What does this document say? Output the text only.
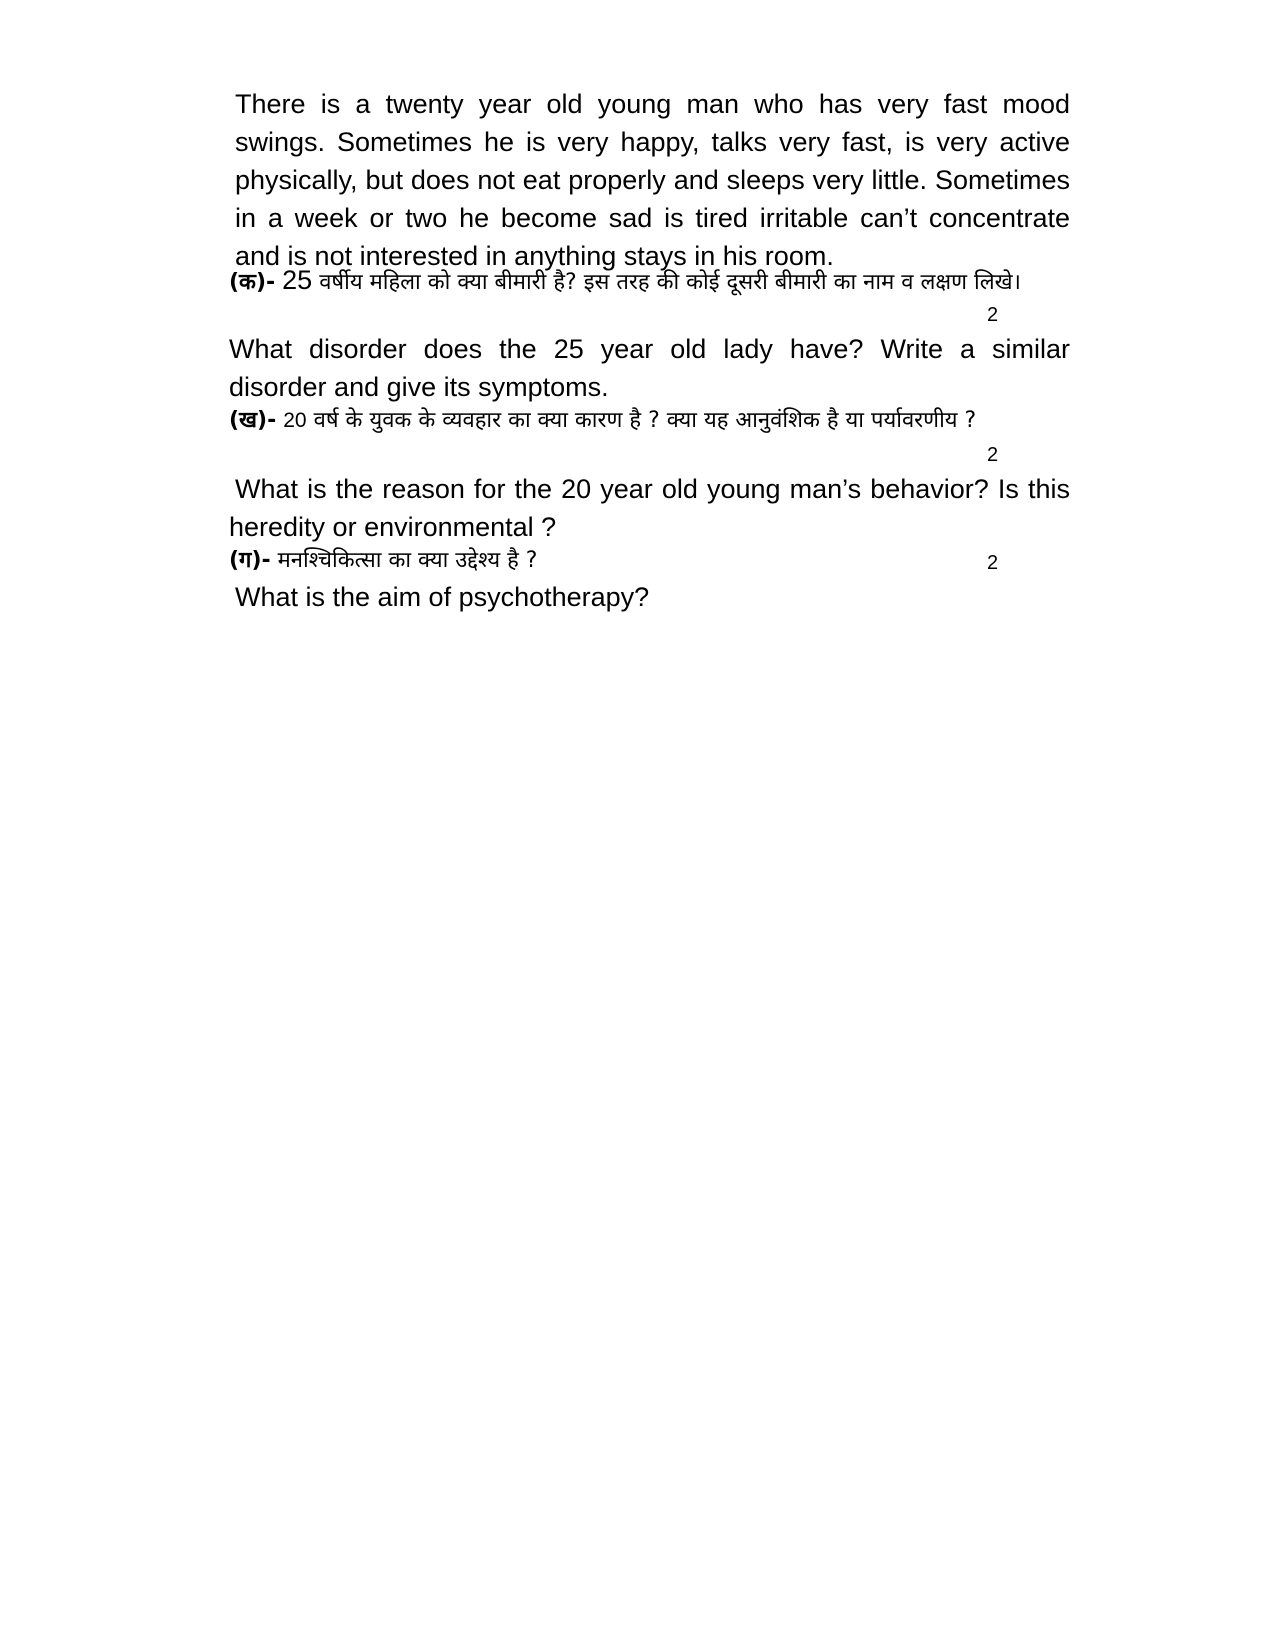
There is a twenty year old young man who has very fast mood swings. Sometimes he is very happy, talks very fast, is very active physically, but does not eat properly and sleeps very little. Sometimes in a week or two he become sad is tired irritable can’t concentrate and is not interested in anything stays in his room.

(क)- 25 वर्षीय महिला को क्या बीमारी है? इस तरह की कोई दूसरी बीमारी का नाम व लक्षण लिखे।

2

What disorder does the 25 year old lady have? Write a similar disorder and give its symptoms.

(ख)- 20 वर्ष के युवक के व्यवहार का क्या कारण है ? क्या यह आनुवंशिक है या पर्यावरणीय ?

2

What is the reason for the 20 year old young man’s behavior? Is this heredity or environmental ?

(ग)- मनश्चिकित्सा का क्या उद्देश्य है ?	2

What is the aim of psychotherapy?
